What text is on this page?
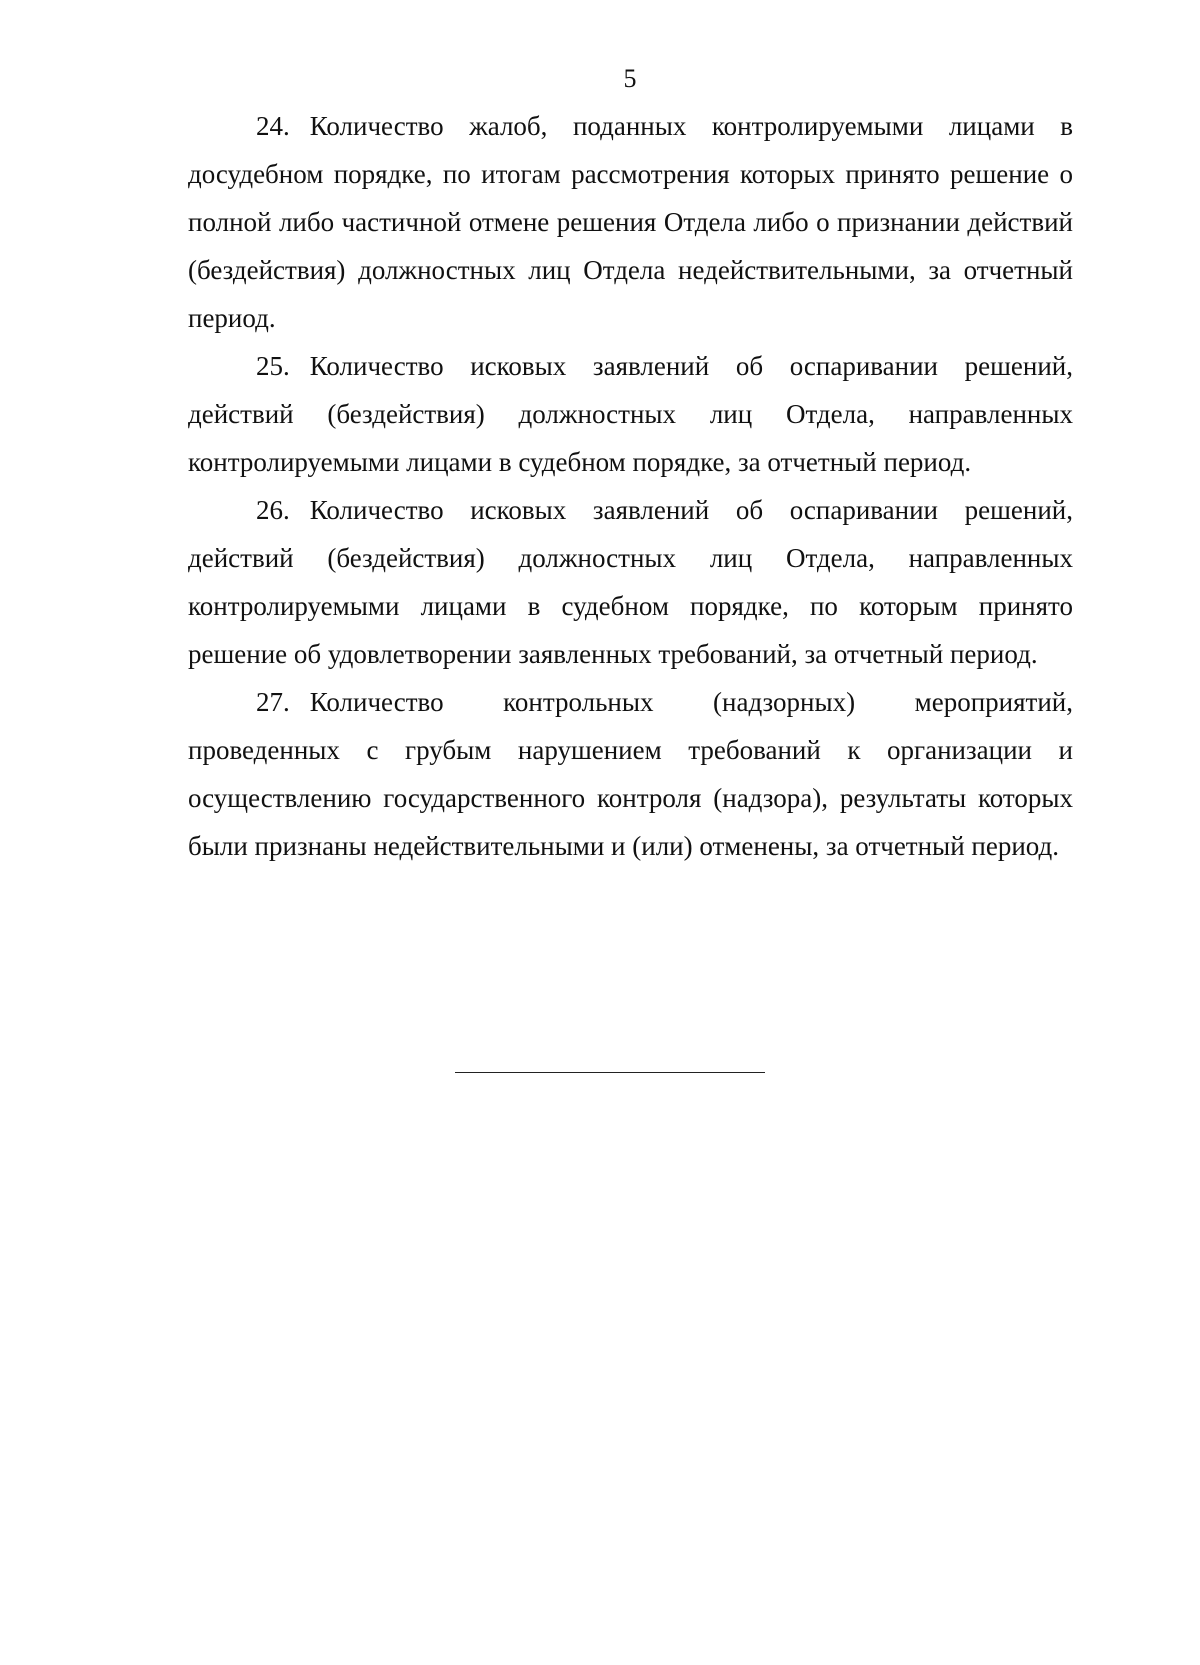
5

24. Количество жалоб, поданных контролируемыми лицами в досудебном порядке, по итогам рассмотрения которых принято решение о полной либо частичной отмене решения Отдела либо о признании действий (бездействия) должностных лиц Отдела недействительными, за отчетный период.

25. Количество исковых заявлений об оспаривании решений, действий (бездействия) должностных лиц Отдела, направленных контролируемыми лицами в судебном порядке, за отчетный период.

26. Количество исковых заявлений об оспаривании решений, действий (бездействия) должностных лиц Отдела, направленных контролируемыми лицами в судебном порядке, по которым принято решение об удовлетворении заявленных требований, за отчетный период.

27. Количество контрольных (надзорных) мероприятий, проведенных с грубым нарушением требований к организации и осуществлению государственного контроля (надзора), результаты которых были признаны недействительными и (или) отменены, за отчетный период.
